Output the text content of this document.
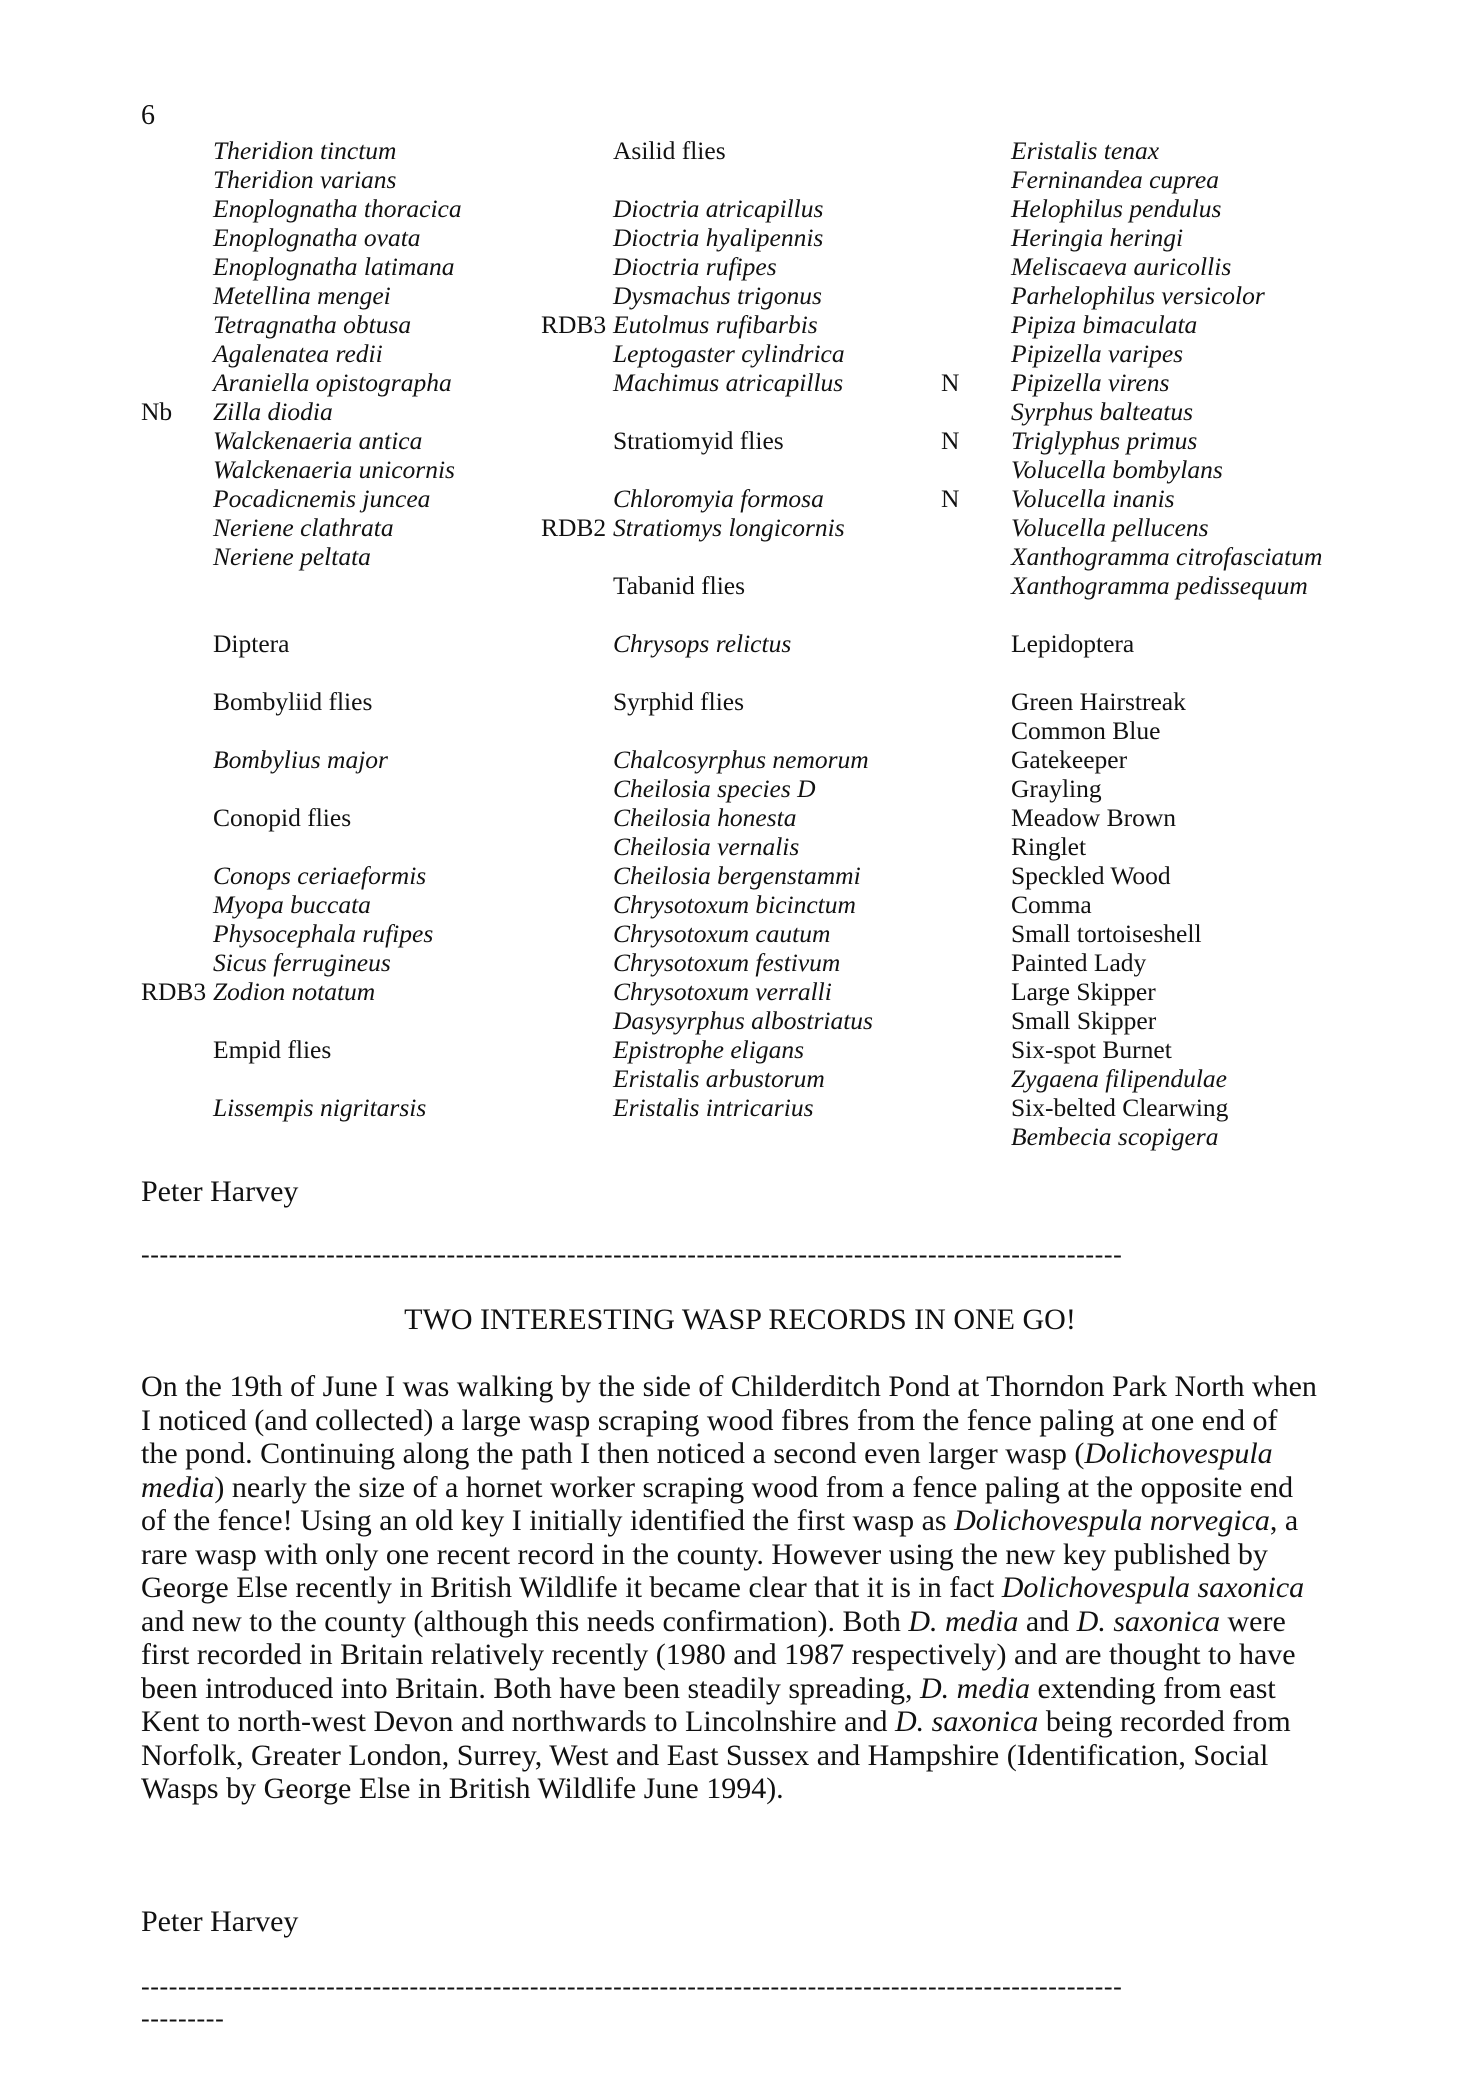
6
Theridion tinctum
Theridion varians
Enoplognatha thoracica
Enoplognatha ovata
Enoplognatha latimana
Metellina mengei
Tetragnatha obtusa
Agalenatea redii
Araniella opistographa
Nb Zilla diodia
Walckenaeria antica
Walckenaeria unicornis
Pocadicnemis juncea
Neriene clathrata
Neriene peltata
Diptera
Bombyliid flies
Bombylius major
Conopid flies
Conops ceriaeformis
Myopa buccata
Physocephala rufipes
Sicus ferrugineus
RDB3 Zodion notatum
Empid flies
Lissempis nigritarsis
Asilid flies
Dioctria atricapillus
Dioctria hyalipennis
Dioctria rufipes
Dysmachus trigonus
RDB3 Eutolmus rufibarbis
Leptogaster cylindrica
Machimus atricapillus
Stratiomyid flies
Chloromyia formosa
RDB2 Stratiomys longicornis
Tabanid flies
Chrysops relictus
Syrphid flies
Chalcosyrphus nemorum
Cheilosia species D
Cheilosia honesta
Cheilosia vernalis
Cheilosia bergenstammi
Chrysotoxum bicinctum
Chrysotoxum cautum
Chrysotoxum festivum
Chrysotoxum verralli
Dasysyrphus albostriatus
Epistrophe eligans
Eristalis arbustorum
Eristalis intricarius
Eristalis tenax
Ferninandea cuprea
Helophilus pendulus
Heringia heringi
Meliscaeva auricollis
Parhelophilus versicolor
Pipiza bimaculata
Pipizella varipes
N Pipizella virens
Syrphus balteatus
N Triglyphus primus
Volucella bombylans
N Volucella inanis
Volucella pellucens
Xanthogramma citrofasciatum
Xanthogramma pedissequum
Lepidoptera
Green Hairstreak
Common Blue
Gatekeeper
Grayling
Meadow Brown
Ringlet
Speckled Wood
Comma
Small tortoiseshell
Painted Lady
Large Skipper
Small Skipper
Six-spot Burnet
Zygaena filipendulae
Six-belted Clearwing
Bembecia scopigera
Peter Harvey
----------------------------------------------------------------------------------------------------------
TWO INTERESTING WASP RECORDS IN ONE GO!

On the 19th of June I was walking by the side of Childerditch Pond at Thorndon Park North when I noticed (and collected) a large wasp scraping wood fibres from the fence paling at one end of the pond. Continuing along the path I then noticed a second even larger wasp (Dolichovespula media) nearly the size of a hornet worker scraping wood from a fence paling at the opposite end of the fence! Using an old key I initially identified the first wasp as Dolichovespula norvegica, a rare wasp with only one recent record in the county. However using the new key published by George Else recently in British Wildlife it became clear that it is in fact Dolichovespula saxonica and new to the county (although this needs confirmation). Both D. media and D. saxonica were first recorded in Britain relatively recently (1980 and 1987 respectively) and are thought to have been introduced into Britain. Both have been steadily spreading, D. media extending from east Kent to north-west Devon and northwards to Lincolnshire and D. saxonica being recorded from Norfolk, Greater London, Surrey, West and East Sussex and Hampshire (Identification, Social Wasps by George Else in British Wildlife June 1994).

Peter Harvey
----------------------------------------------------------------------------------------------------------
---------
